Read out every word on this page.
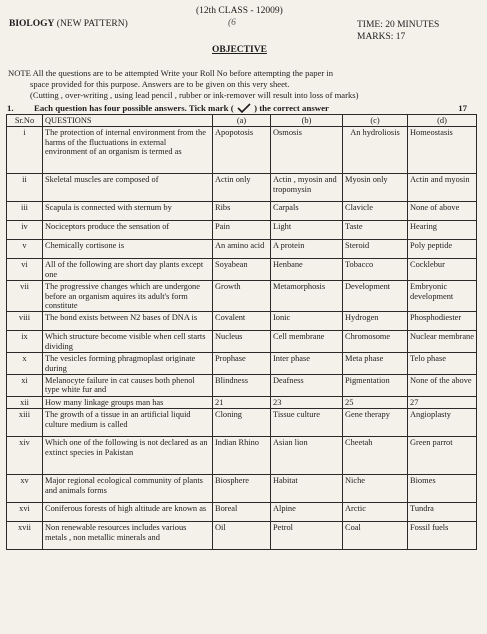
(12th CLASS - 12009)
(6
BIOLOGY (NEW PATTERN)	TIME: 20 MINUTES
MARKS: 17
OBJECTIVE

NOTE All the questions are to be attempted Write your Roll No before attempting the paper in

space provided for this purpose. Answers are to be given on this very sheet.

(Cutting , over-writing , using lead pencil , rubber or ink-remover will result into loss of marks)

1. Each question has four possible answers. Tick mark ( ) the correct answer	17
Sr.No	QUESTIONS	(a)	(b)	(c)	(d)
i	The protection of internal environment from the harms of the fluctuations in external environment of an organism is termed as	Apopotosis	Osmosis	An hydroliosis	Homeostasis
ii	Skeletal muscles are composed of	Actin only	Actin , myosin and tropomysin	Myosin only	Actin and myosin
iii	Scapula is connected with sternum by	Ribs	Carpals	Clavicle	None of above
iv	Nociceptors produce the sensation of	Pain	Light	Taste	Hearing
v	Chemically cortisone is	An amino acid	A protein	Steroid	Poly peptide
vi	All of the following are short day plants except one	Soyabean	Henbane	Tobacco	Cocklebur
vii	The progressive changes which are undergone before an organism aquires its adult's form constitute	Growth	Metamorphosis	Development	Embryonic development
viii	The bond exists between N2 bases of DNA is	Covalent	Ionic	Hydrogen	Phosphodiester
ix	Which structure become visible when cell starts dividing	Nucleus	Cell membrane	Chromosome	Nuclear membrane
x	The vesicles forming phragmoplast originate during	Prophase	Inter phase	Meta phase	Telo phase
xi	Melanocyte failure in cat causes both phenol type white fur and	Blindness	Deafness	Pigmentation	None of the above
xii	How many linkage groups man has	21	23	25	27
xiii	The growth of a tissue in an artificial liquid culture medium is called	Cloning	Tissue culture	Gene therapy	Angioplasty
xiv	Which one of the following is not declared as an extinct species in Pakistan	Indian Rhino	Asian lion	Cheetah	Green parrot
xv	Major regional ecological community of plants and animals forms	Biosphere	Habitat	Niche	Biomes
xvi	Coniferous forests of high altitude are known as	Boreal	Alpine	Arctic	Tundra
xvii	Non renewable resources includes various metals , non metallic minerals and	Oil	Petrol	Coal	Fossil fuels
